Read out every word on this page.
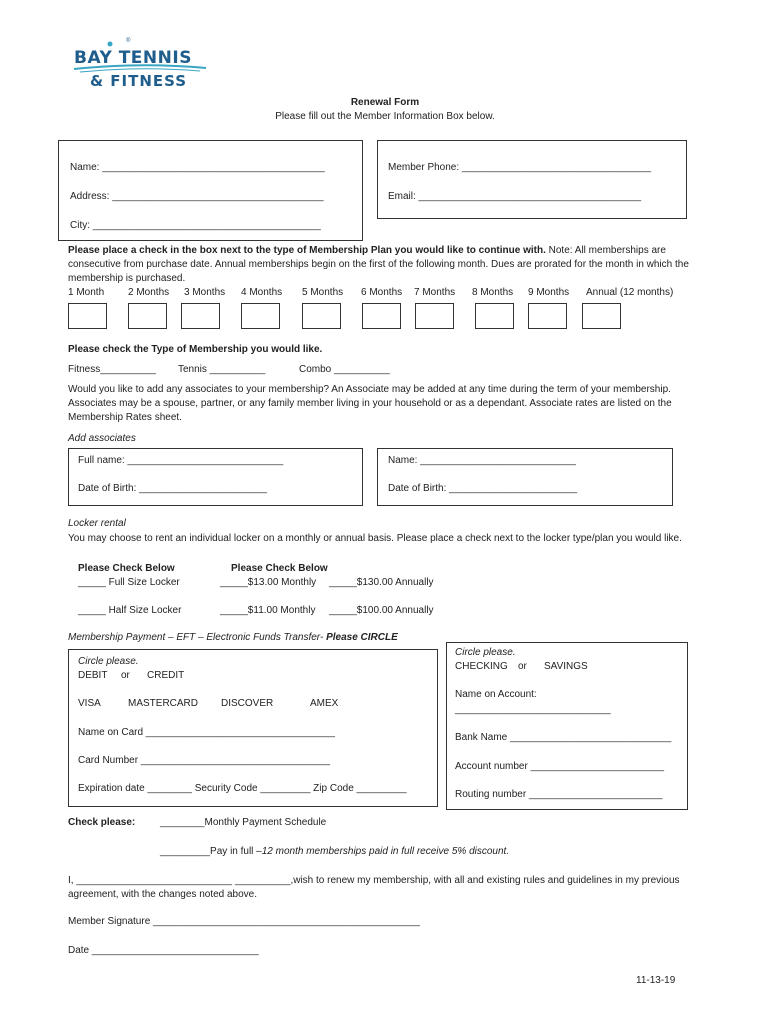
BAY TENNIS
®
& FITNESS
Renewal Form
Please fill out the Member Information Box below.
Name: ________________________________________
Address: ______________________________________
City: _________________________________________
Member Phone: __________________________________
Email: ________________________________________
Please place a check in the box next to the type of Membership Plan you would like to continue with. Note: All memberships are consecutive from purchase date. Annual memberships begin on the first of the following month. Dues are prorated for the month in which the membership is purchased.
1 Month 2 Months 3 Months 4 Months 5 Months 6 Months 7 Months 8 Months 9 Months Annual (12 months)
Please check the Type of Membership you would like.
Fitness__________ Tennis __________	Combo __________
Would you like to add any associates to your membership? An Associate may be added at any time during the term of your membership. Associates may be a spouse, partner, or any family member living in your household or as a dependant. Associate rates are listed on the Membership Rates sheet.
Add associates
Full name: ____________________________
Date of Birth: _______________________
Name: ____________________________
Date of Birth: _______________________
Locker rental
You may choose to rent an individual locker on a monthly or annual basis. Please place a check next to the locker type/plan you would like.
Please Check Below	Please Check Below
_____ Full Size Locker	_____$13.00 Monthly _____$130.00 Annually
_____ Half Size Locker	_____$11.00 Monthly _____$100.00 Annually
Membership Payment – EFT – Electronic Funds Transfer- Please CIRCLE
Circle please.
DEBIT or CREDIT
VISA	MASTERCARD DISCOVER	AMEX
Name on Card __________________________________
Card Number __________________________________
Expiration date ________ Security Code _________ Zip Code _________
Circle please.
CHECKING or SAVINGS
Name on Account:
____________________________
Bank Name _____________________________
Account number ________________________
Routing number ________________________
Check please: ________Monthly Payment Schedule
_________Pay in full –12 month memberships paid in full receive 5% discount.
I, ____________________________ __________,wish to renew my membership, with all and existing rules and guidelines in my previous agreement, with the changes noted above.
Member Signature ________________________________________________
Date ______________________________
11-13-19
